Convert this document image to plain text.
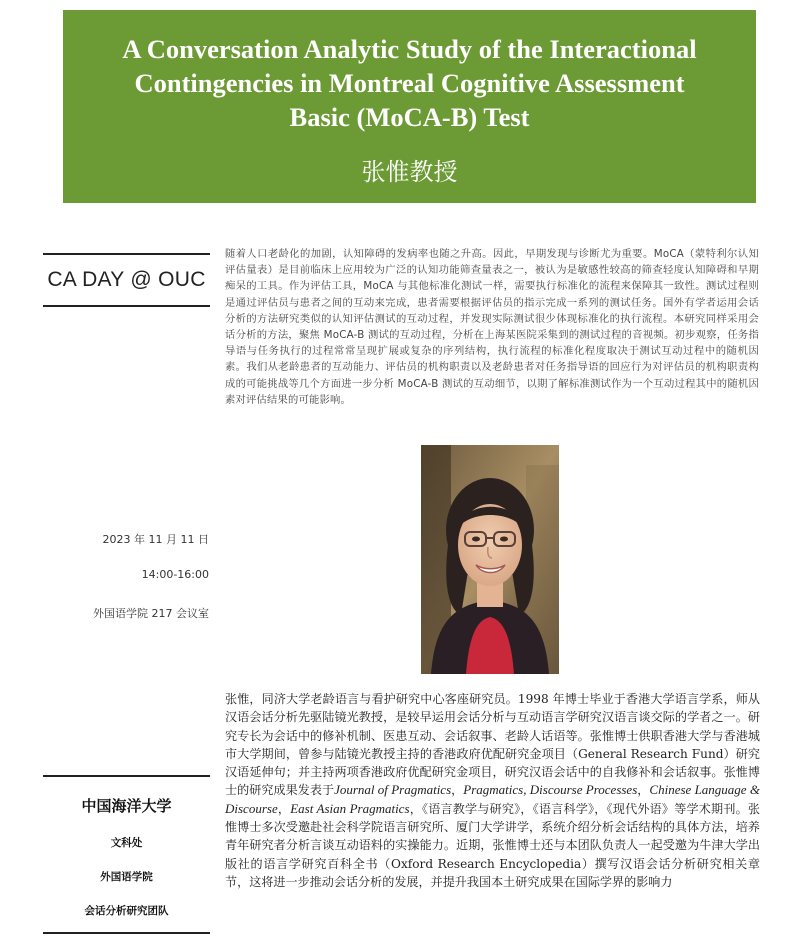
A Conversation Analytic Study of the Interactional
Contingencies in Montreal Cognitive Assessment
Basic (MoCA-B) Test
张惟教授
CA DAY @ OUC
随着人口老龄化的加剧，认知障碍的发病率也随之升高。因此，早期发现与诊断尤为重要。MoCA（蒙特利尔认知评估量表）是目前临床上应用较为广泛的认知功能筛查量表之一，被认为是敏感性较高的筛查轻度认知障碍和早期痴呆的工具。作为评估工具，MoCA 与其他标准化测试一样，需要执行标准化的流程来保障其一致性。测试过程则是通过评估员与患者之间的互动来完成，患者需要根据评估员的指示完成一系列的测试任务。国外有学者运用会话分析的方法研究类似的认知评估测试的互动过程，并发现实际测试很少体现标准化的执行流程。本研究同样采用会话分析的方法，聚焦 MoCA-B 测试的互动过程，分析在上海某医院采集到的测试过程的音视频。初步观察，任务指导语与任务执行的过程常常呈现扩展或复杂的序列结构，执行流程的标准化程度取决于测试互动过程中的随机因素。我们从老龄患者的互动能力、评估员的机构职责以及老龄患者对任务指导语的回应行为对评估员的机构职责构成的可能挑战等几个方面进一步分析 MoCA-B 测试的互动细节，以期了解标准测试作为一个互动过程其中的随机因素对评估结果的可能影响。
2023 年 11 月 11 日
14:00-16:00
外国语学院 217 会议室
张惟，同济大学老龄语言与看护研究中心客座研究员。1998 年博士毕业于香港大学语言学系，师从汉语会话分析先驱陆镜光教授，是较早运用会话分析与互动语言学研究汉语言谈交际的学者之一。研究专长为会话中的修补机制、医患互动、会话叙事、老龄人话语等。张惟博士供职香港大学与香港城市大学期间，曾参与陆镜光教授主持的香港政府优配研究金项目（General Research Fund）研究汉语延伸句；并主持两项香港政府优配研究金项目，研究汉语会话中的自我修补和会话叙事。张惟博士的研究成果发表于Journal of Pragmatics，Pragmatics, Discourse Processes，Chinese Language & Discourse，East Asian Pragmatics，《语言教学与研究》，《语言科学》，《现代外语》等学术期刊。张惟博士多次受邀赴社会科学院语言研究所、厦门大学讲学，系统介绍分析会话结构的具体方法，培养青年研究者分析言谈互动语料的实操能力。近期，张惟博士还与本团队负责人一起受邀为牛津大学出版社的语言学研究百科全书（Oxford Research Encyclopedia）撰写汉语会话分析研究相关章节，这将进一步推动会话分析的发展，并提升我国本土研究成果在国际学界的影响力
中国海洋大学
文科处
外国语学院
会话分析研究团队
